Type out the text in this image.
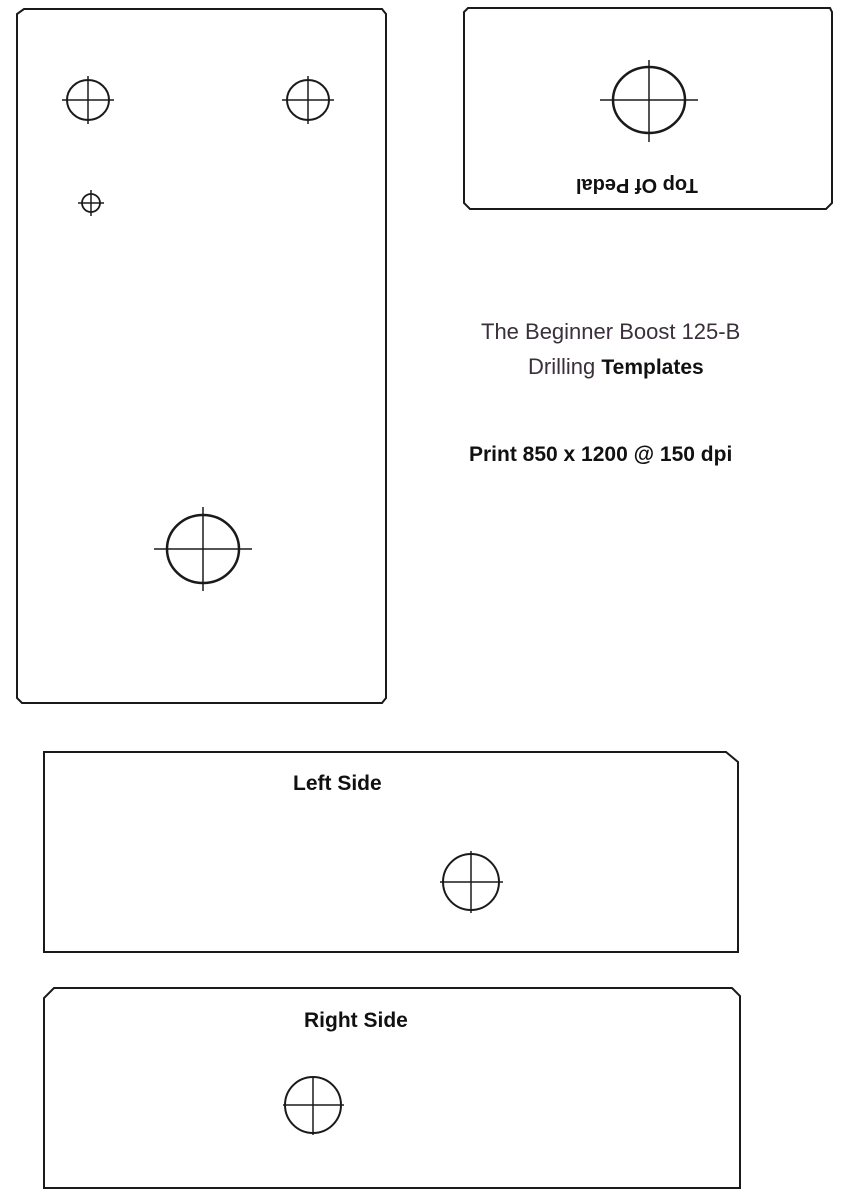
Top Of Pedal
The Beginner Boost 125-B
Drilling Templates
Print 850 x 1200 @ 150 dpi
Left Side
Right Side
